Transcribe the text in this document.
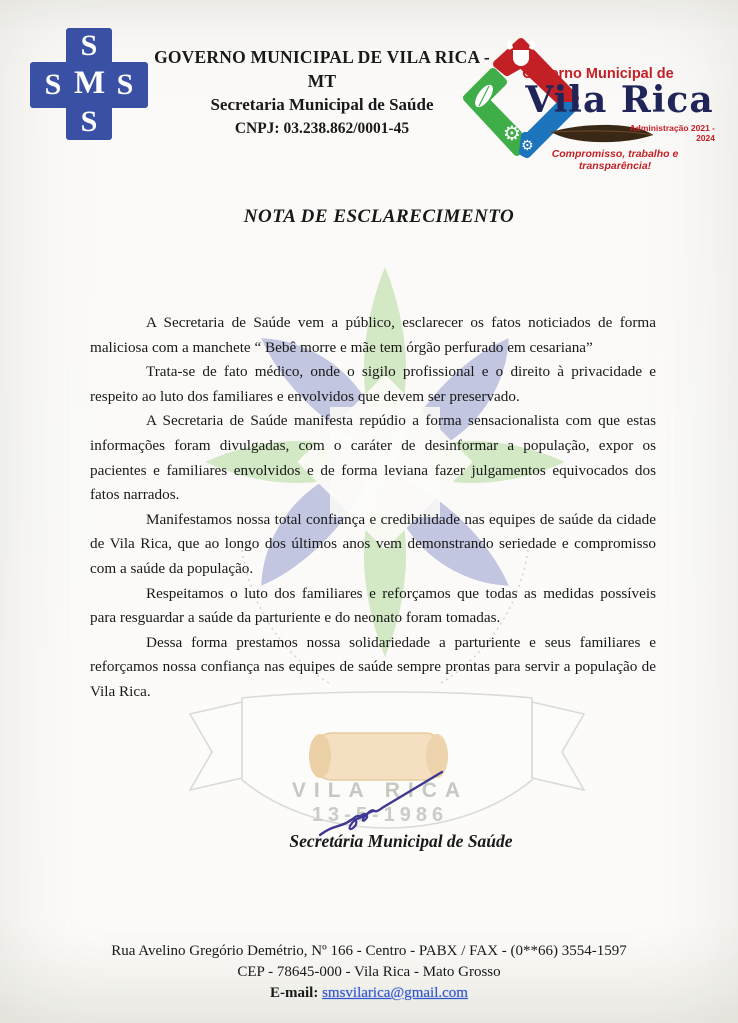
VILA RICA
13-5-1986
S
S M S
S
GOVERNO MUNICIPAL DE VILA RICA - MT
Secretaria Municipal de Saúde
CNPJ: 03.238.862/0001-45	⚙
⚙
Governo Municipal de
Vila Rica
Administração 2021 - 2024
Compromisso, trabalho e transparência!
NOTA DE ESCLARECIMENTO

A Secretaria de Saúde vem a público, esclarecer os fatos noticiados de forma maliciosa com a manchete “ Bebê morre e mãe tem órgão perfurado em cesariana”

Trata-se de fato médico, onde o sigilo profissional e o direito à privacidade e respeito ao luto dos familiares e envolvidos que devem ser preservado.

A Secretaria de Saúde manifesta repúdio a forma sensacionalista com que estas informações foram divulgadas, com o caráter de desinformar a população, expor os pacientes e familiares envolvidos e de forma leviana fazer julgamentos equivocados dos fatos narrados.

Manifestamos nossa total confiança e credibilidade nas equipes de saúde da cidade de Vila Rica, que ao longo dos últimos anos vem demonstrando seriedade e compromisso com a saúde da população.

Respeitamos o luto dos familiares e reforçamos que todas as medidas possíveis para resguardar a saúde da parturiente e do neonato foram tomadas.

Dessa forma prestamos nossa solidariedade a parturiente e seus familiares e reforçamos nossa confiança nas equipes de saúde sempre prontas para servir a população de Vila Rica.

Secretária Municipal de Saúde
Rua Avelino Gregório Demétrio, Nº 166 - Centro - PABX / FAX - (0**66) 3554-1597
CEP - 78645-000 - Vila Rica - Mato Grosso
E-mail: smsvilarica@gmail.com
